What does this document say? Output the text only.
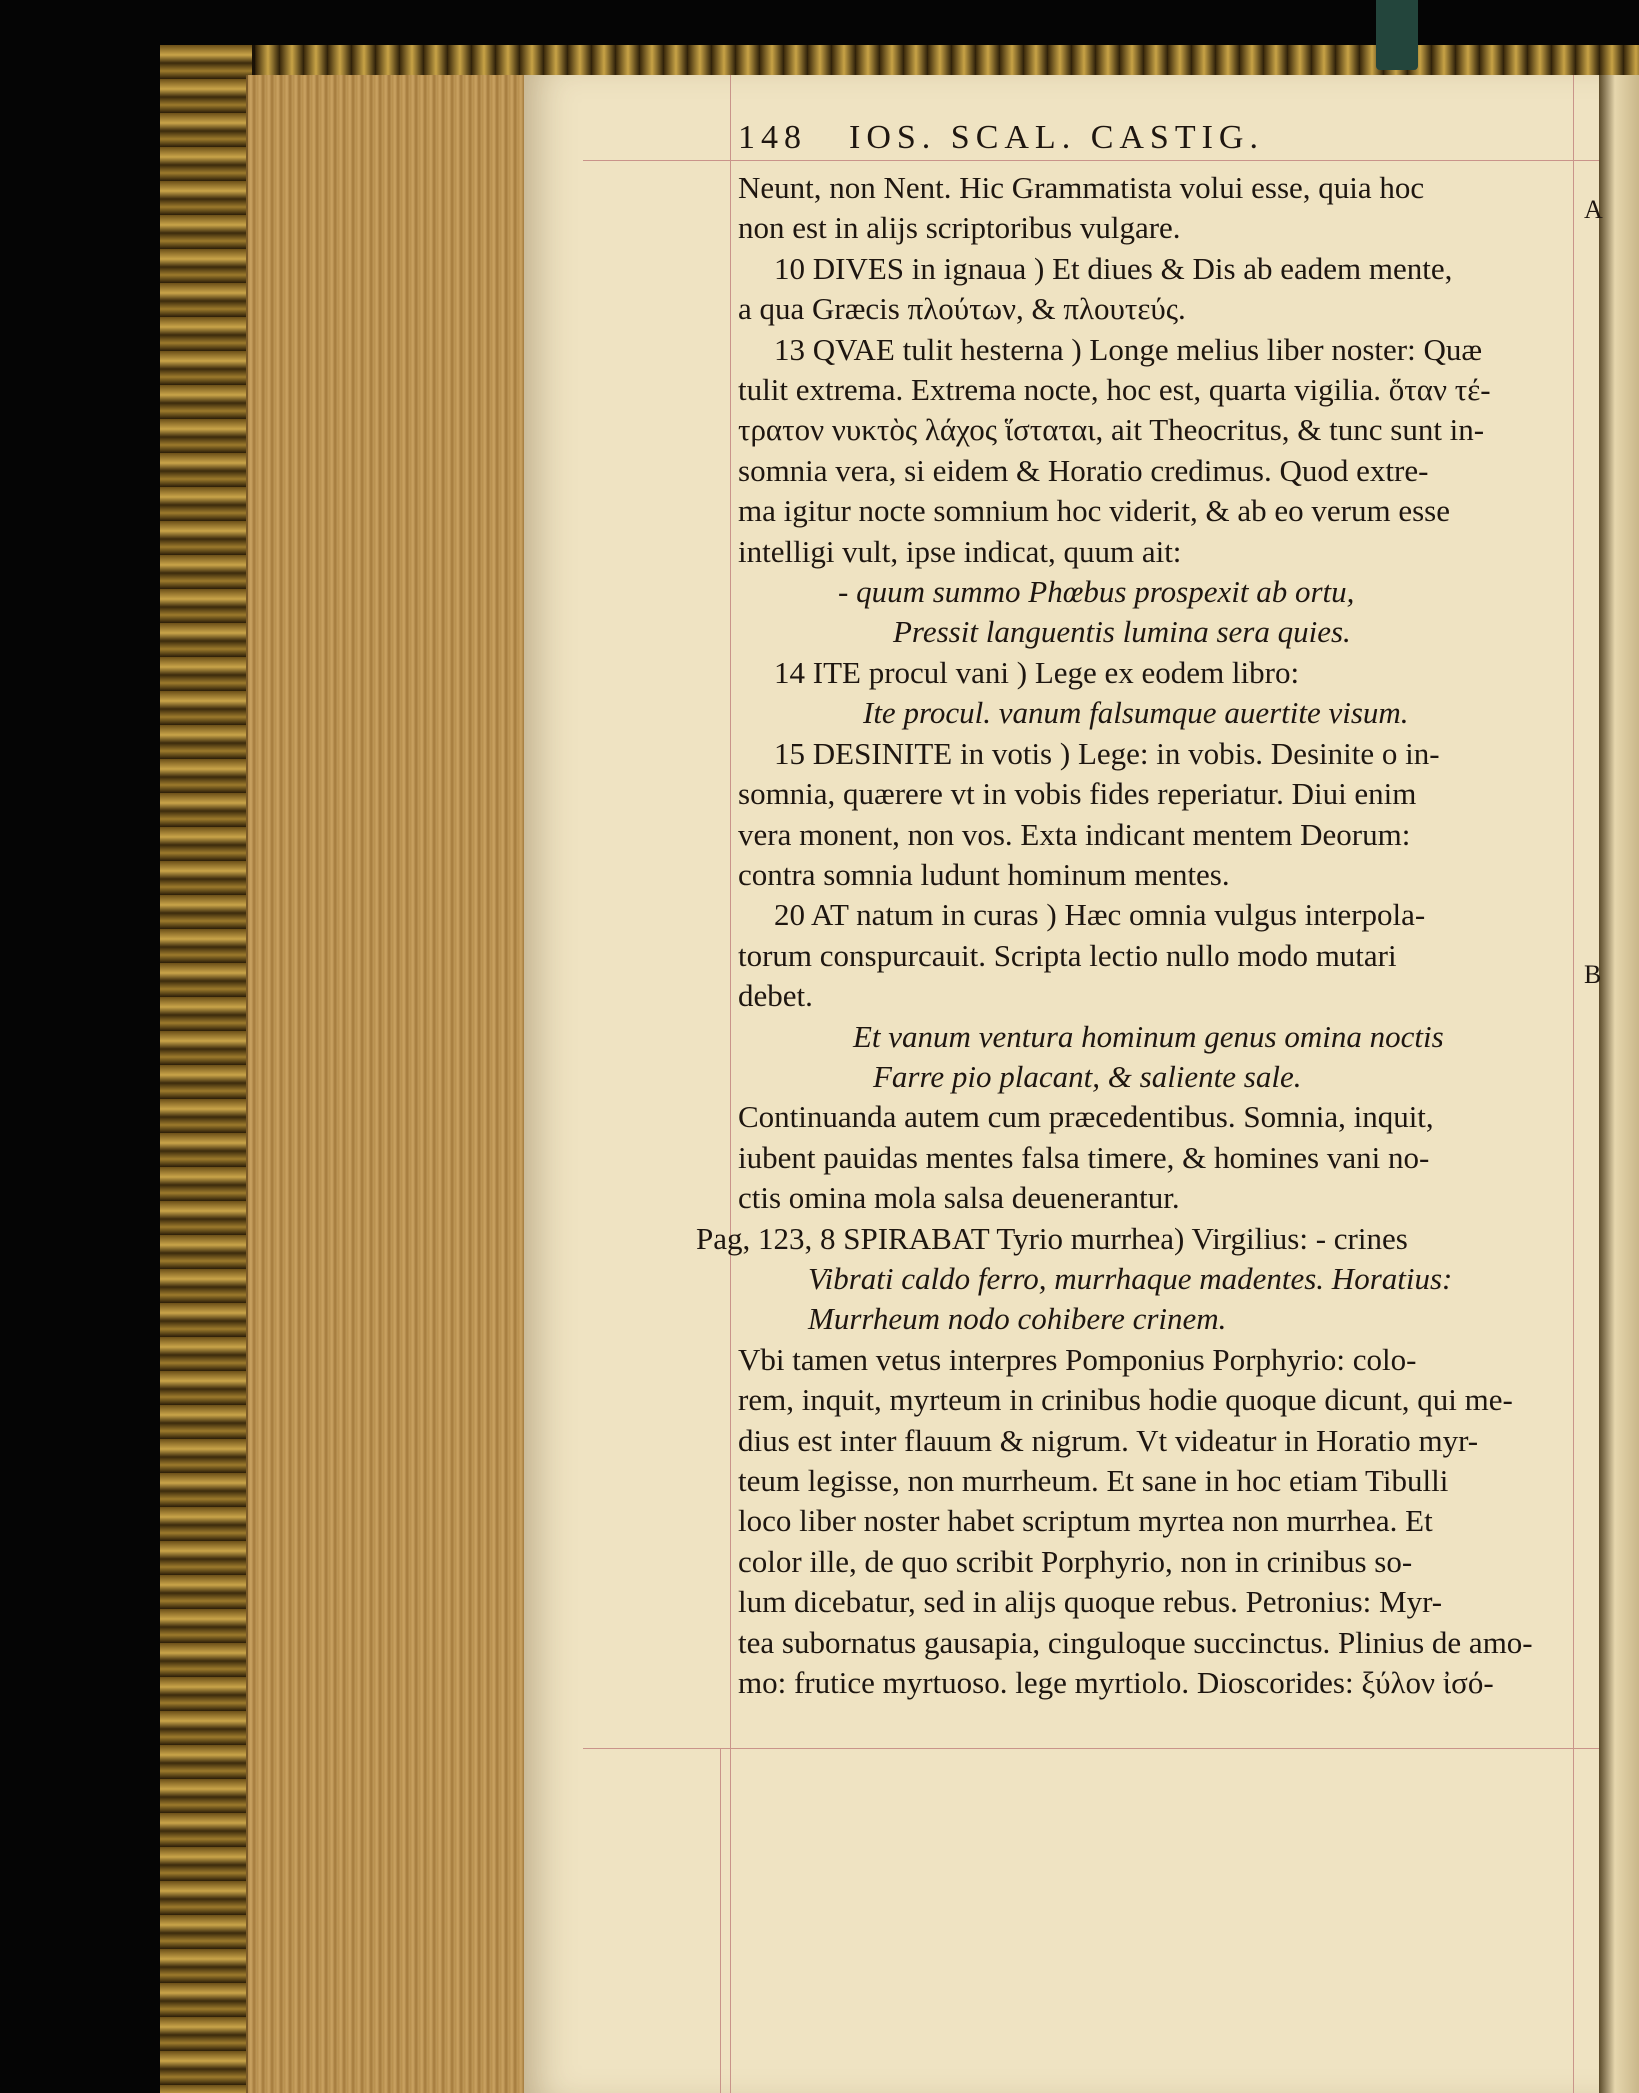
A
B
148 IOS. SCAL. CASTIG.
Neunt, non Nent. Hic Grammatista volui esse, quia hoc
non est in alijs scriptoribus vulgare.
10 DIVES in ignaua ) Et diues & Dis ab eadem mente,
a qua Græcis πλούτων, & πλουτεύς.
13 QVAE tulit hesterna ) Longe melius liber noster: Quæ
tulit extrema. Extrema nocte, hoc est, quarta vigilia. ὅταν τέ-
τρατον νυκτὸς λάχος ἵσταται, ait Theocritus, & tunc sunt in-
somnia vera, si eidem & Horatio credimus. Quod extre-
ma igitur nocte somnium hoc viderit, & ab eo verum esse
intelligi vult, ipse indicat, quum ait:
- quum summo Phœbus prospexit ab ortu,
Pressit languentis lumina sera quies.
14 ITE procul vani ) Lege ex eodem libro:
Ite procul. vanum falsumque auertite visum.
15 DESINITE in votis ) Lege: in vobis. Desinite o in-
somnia, quærere vt in vobis fides reperiatur. Diui enim
vera monent, non vos. Exta indicant mentem Deorum:
contra somnia ludunt hominum mentes.
20 AT natum in curas ) Hæc omnia vulgus interpola-
torum conspurcauit. Scripta lectio nullo modo mutari
debet.
Et vanum ventura hominum genus omina noctis
Farre pio placant, & saliente sale.
Continuanda autem cum præcedentibus. Somnia, inquit,
iubent pauidas mentes falsa timere, & homines vani no-
ctis omina mola salsa deuenerantur.
Pag, 123, 8 SPIRABAT Tyrio murrhea) Virgilius: - crines
Vibrati caldo ferro, murrhaque madentes. Horatius:
Murrheum nodo cohibere crinem.
Vbi tamen vetus interpres Pomponius Porphyrio: colo-
rem, inquit, myrteum in crinibus hodie quoque dicunt, qui me-
dius est inter flauum & nigrum. Vt videatur in Horatio myr-
teum legisse, non murrheum. Et sane in hoc etiam Tibulli
loco liber noster habet scriptum myrtea non murrhea. Et
color ille, de quo scribit Porphyrio, non in crinibus so-
lum dicebatur, sed in alijs quoque rebus. Petronius: Myr-
tea subornatus gausapia, cinguloque succinctus. Plinius de amo-
mo: frutice myrtuoso. lege myrtiolo. Dioscorides: ξύλον ἰσό-
